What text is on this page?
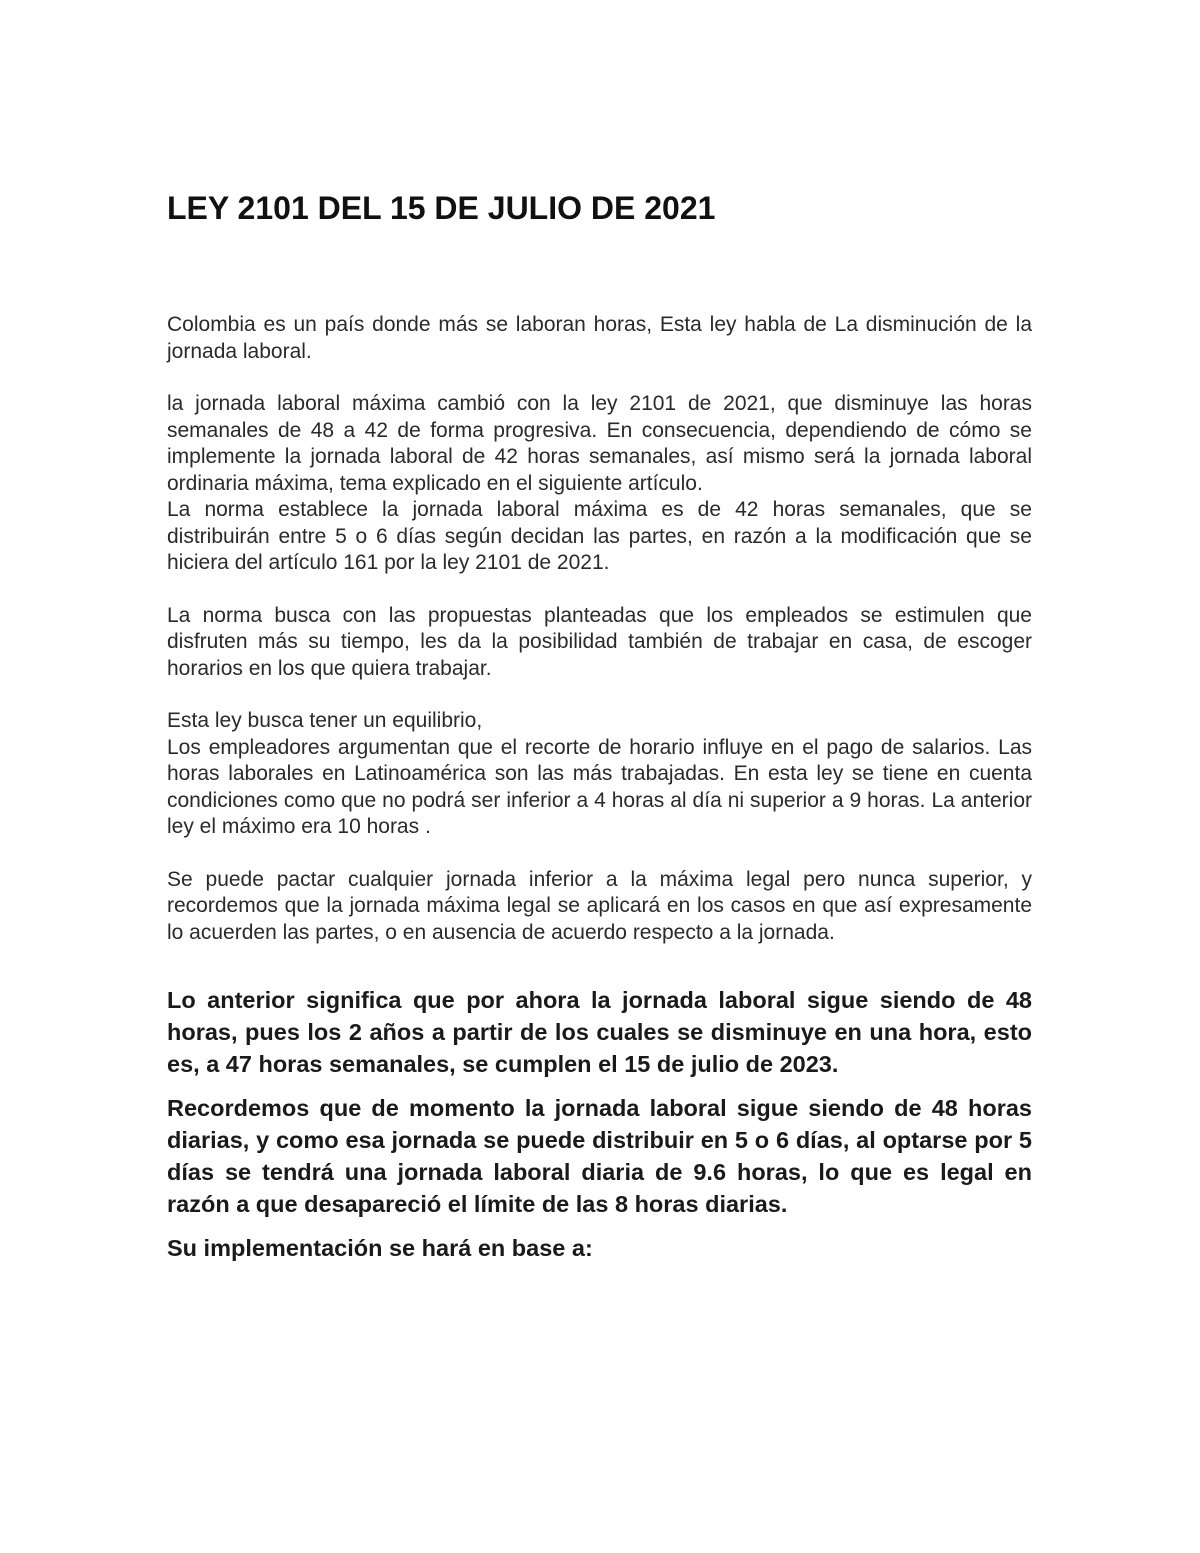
LEY 2101 DEL 15 DE JULIO DE 2021

Colombia es un país donde más se laboran horas, Esta ley habla de La disminución de la jornada laboral.

la jornada laboral máxima cambió con la ley 2101 de 2021, que disminuye las horas semanales de 48 a 42 de forma progresiva. En consecuencia, dependiendo de cómo se implemente la jornada laboral de 42 horas semanales, así mismo será la jornada laboral ordinaria máxima, tema explicado en el siguiente artículo.

La norma establece la jornada laboral máxima es de 42 horas semanales, que se distribuirán entre 5 o 6 días según decidan las partes, en razón a la modificación que se hiciera del artículo 161 por la ley 2101 de 2021.

La norma busca con las propuestas planteadas que los empleados se estimulen que disfruten más su tiempo, les da la posibilidad también de trabajar en casa, de escoger horarios en los que quiera trabajar.

Esta ley busca tener un equilibrio,

Los empleadores argumentan que el recorte de horario influye en el pago de salarios. Las horas laborales en Latinoamérica son las más trabajadas. En esta ley se tiene en cuenta condiciones como que no podrá ser inferior a 4 horas al día ni superior a 9 horas. La anterior ley el máximo era 10 horas .

Se puede pactar cualquier jornada inferior a la máxima legal pero nunca superior, y recordemos que la jornada máxima legal se aplicará en los casos en que así expresamente lo acuerden las partes, o en ausencia de acuerdo respecto a la jornada.

Lo anterior significa que por ahora la jornada laboral sigue siendo de 48 horas, pues los 2 años a partir de los cuales se disminuye en una hora, esto es, a 47 horas semanales, se cumplen el 15 de julio de 2023.

Recordemos que de momento la jornada laboral sigue siendo de 48 horas diarias, y como esa jornada se puede distribuir en 5 o 6 días, al optarse por 5 días se tendrá una jornada laboral diaria de 9.6 horas, lo que es legal en razón a que desapareció el límite de las 8 horas diarias.

Su implementación se hará en base a:
